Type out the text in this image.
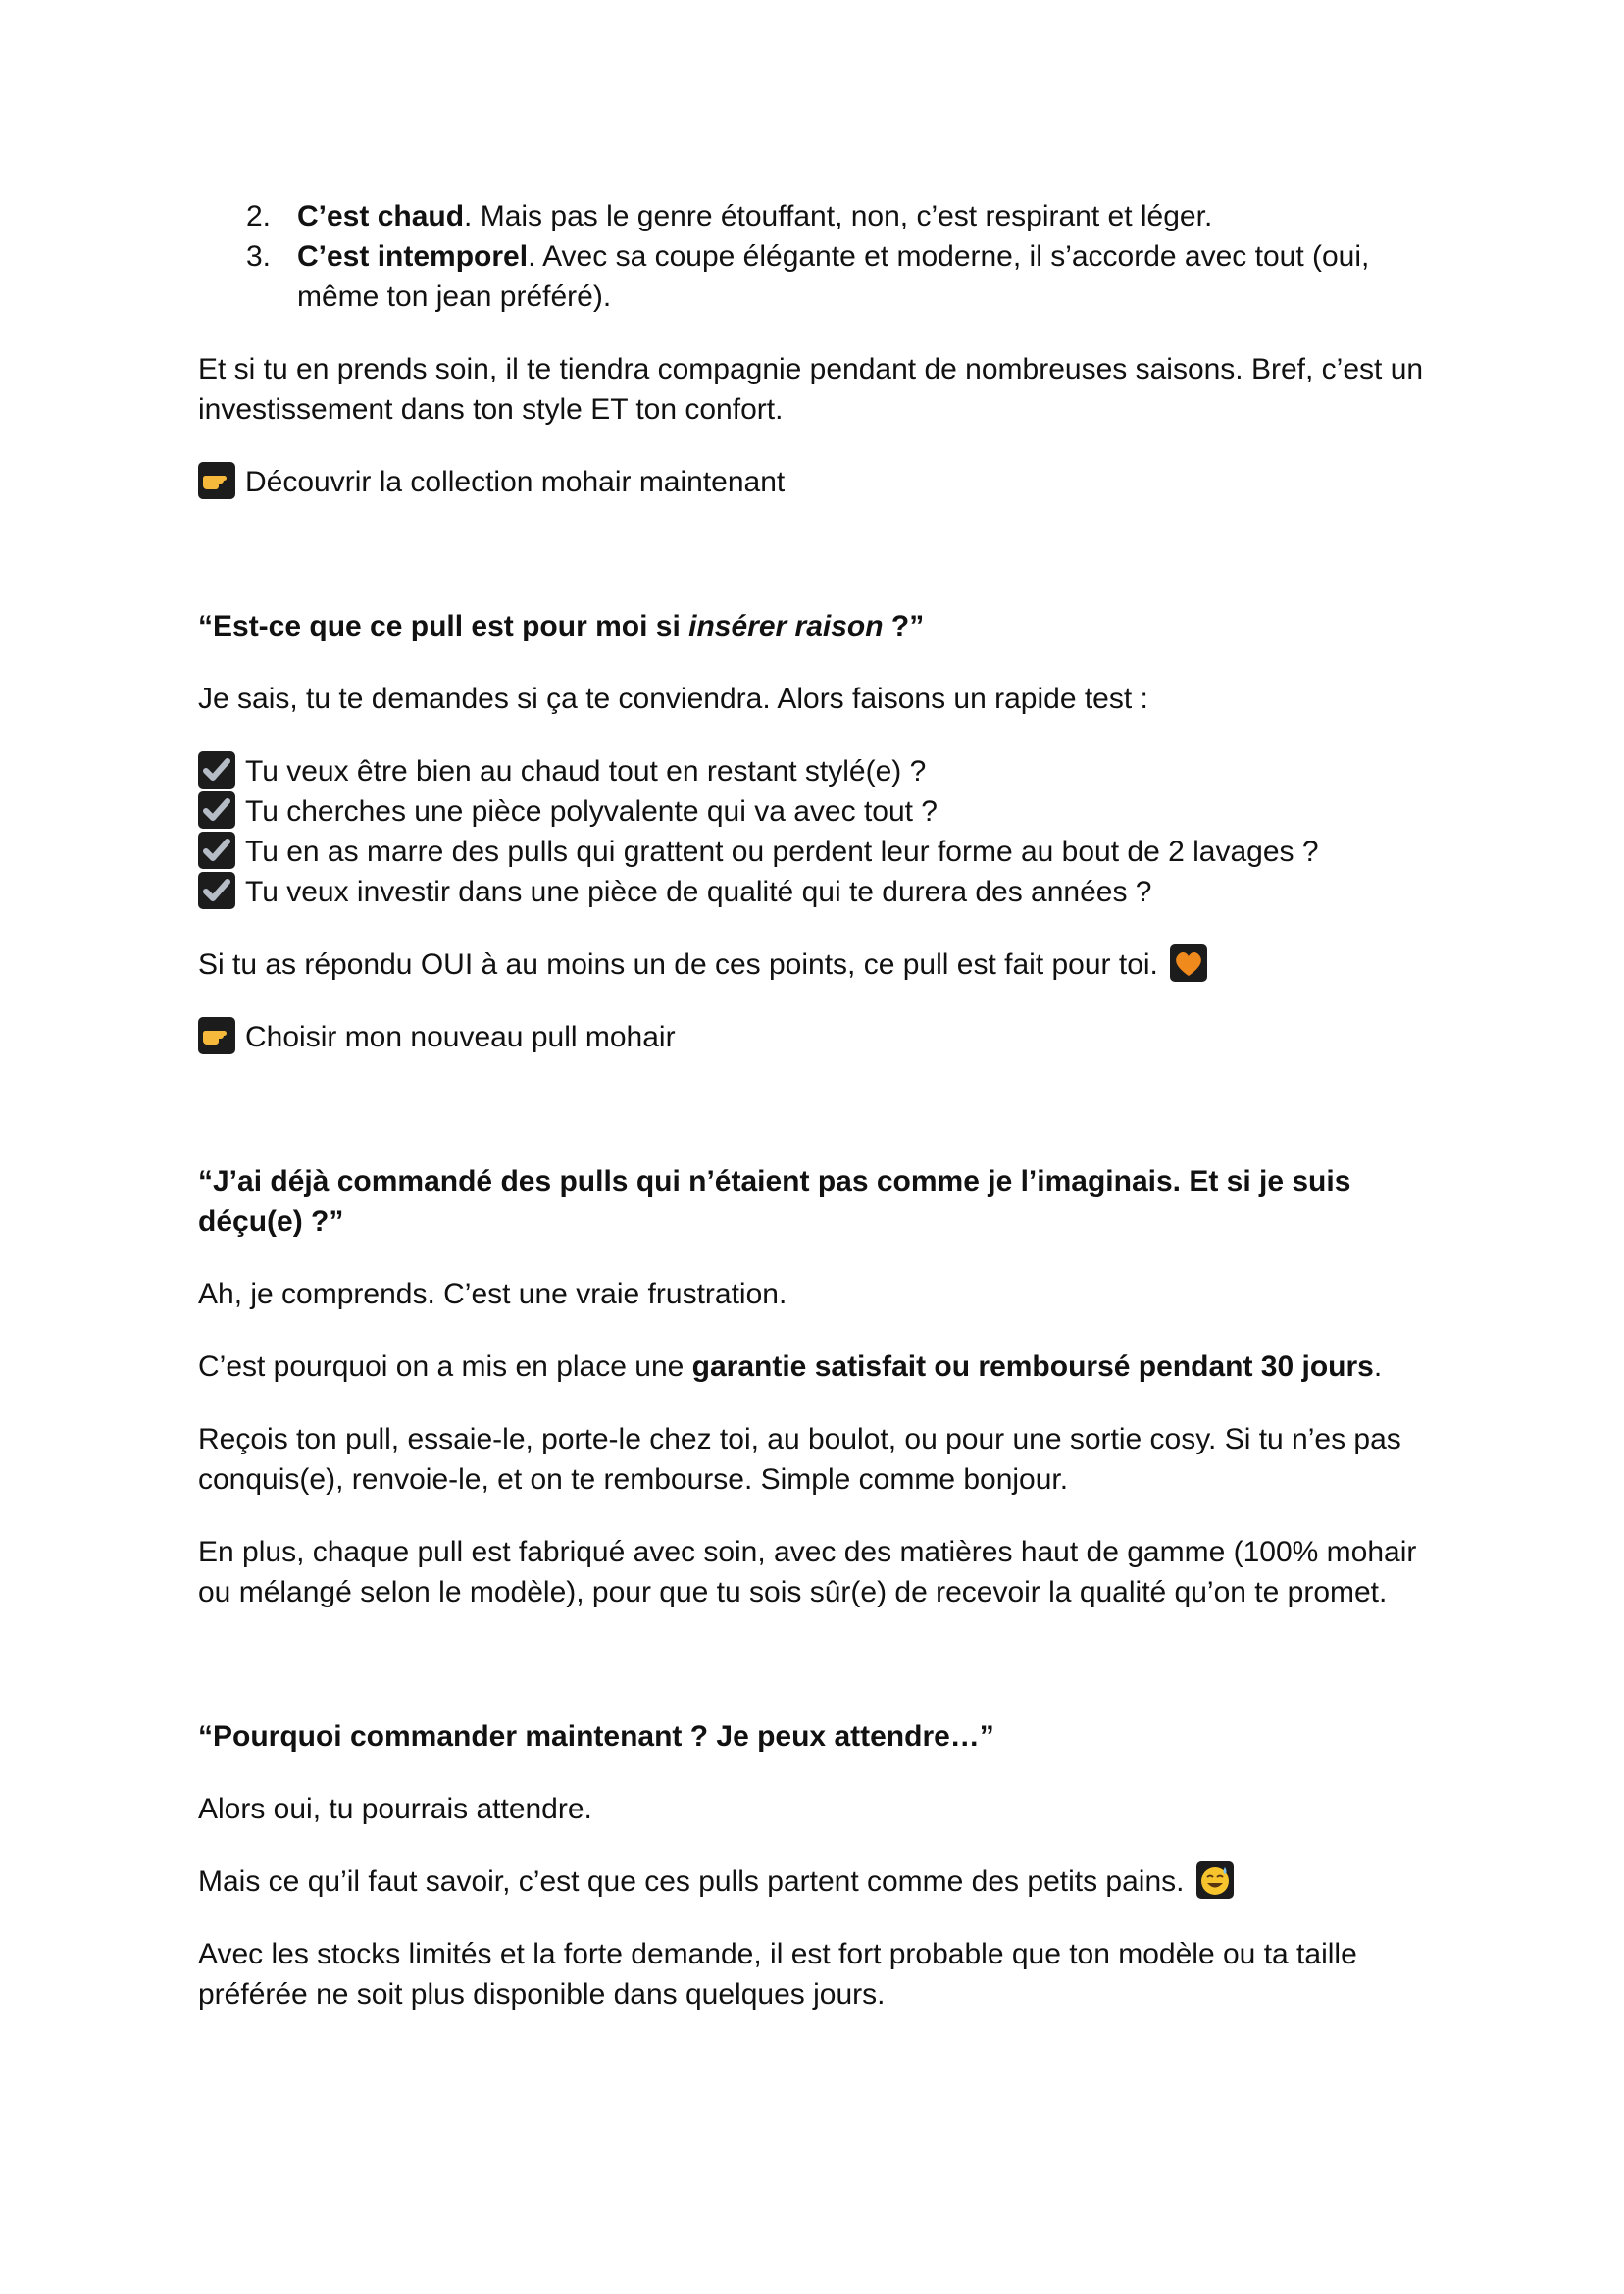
2. C’est chaud. Mais pas le genre étouffant, non, c’est respirant et léger.
3. C’est intemporel. Avec sa coupe élégante et moderne, il s’accorde avec tout (oui, même ton jean préféré).

Et si tu en prends soin, il te tiendra compagnie pendant de nombreuses saisons. Bref, c’est un investissement dans ton style ET ton confort.

Découvrir la collection mohair maintenant

“Est-ce que ce pull est pour moi si insérer raison ?”

Je sais, tu te demandes si ça te conviendra. Alors faisons un rapide test :

Tu veux être bien au chaud tout en restant stylé(e) ?

Tu cherches une pièce polyvalente qui va avec tout ?

Tu en as marre des pulls qui grattent ou perdent leur forme au bout de 2 lavages ?

Tu veux investir dans une pièce de qualité qui te durera des années ?

Si tu as répondu OUI à au moins un de ces points, ce pull est fait pour toi.

Choisir mon nouveau pull mohair

“J’ai déjà commandé des pulls qui n’étaient pas comme je l’imaginais. Et si je suis déçu(e) ?”

Ah, je comprends. C’est une vraie frustration.

C’est pourquoi on a mis en place une garantie satisfait ou remboursé pendant 30 jours.

Reçois ton pull, essaie-le, porte-le chez toi, au boulot, ou pour une sortie cosy. Si tu n’es pas conquis(e), renvoie-le, et on te rembourse. Simple comme bonjour.

En plus, chaque pull est fabriqué avec soin, avec des matières haut de gamme (100% mohair ou mélangé selon le modèle), pour que tu sois sûr(e) de recevoir la qualité qu’on te promet.

“Pourquoi commander maintenant ? Je peux attendre…”

Alors oui, tu pourrais attendre.

Mais ce qu’il faut savoir, c’est que ces pulls partent comme des petits pains.

Avec les stocks limités et la forte demande, il est fort probable que ton modèle ou ta taille préférée ne soit plus disponible dans quelques jours.
